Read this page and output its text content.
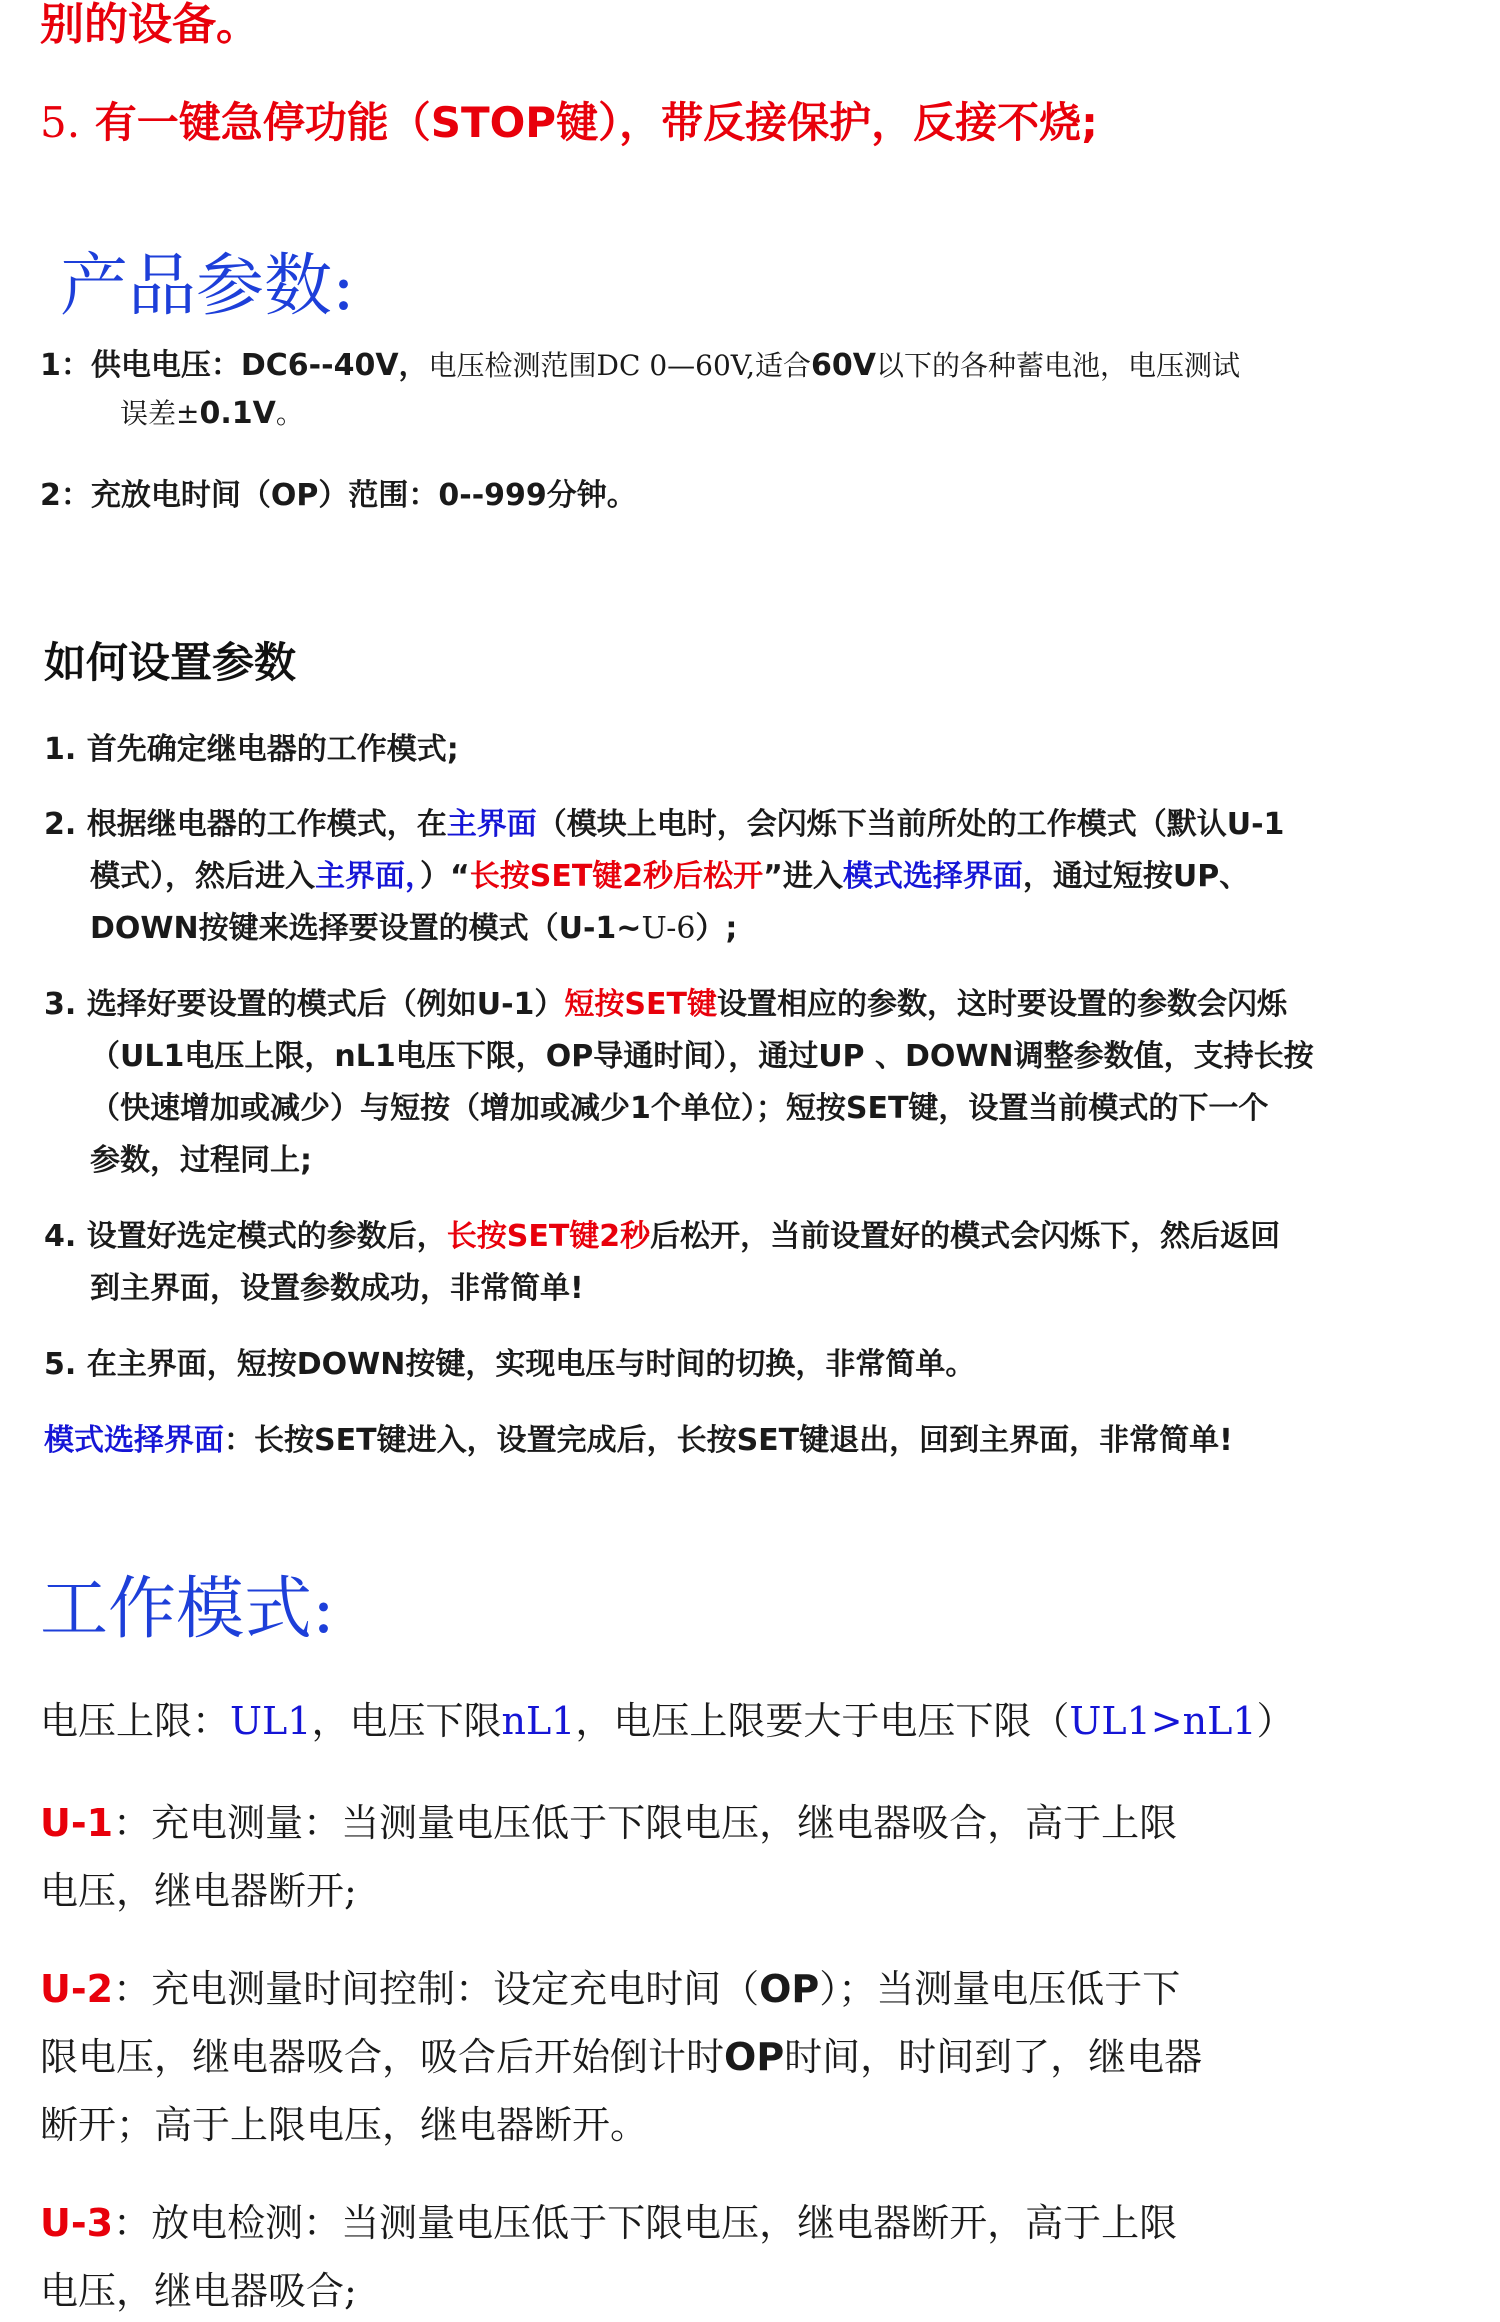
别的设备。
5. 有一键急停功能（STOP键），带反接保护，反接不烧;
产品参数:
1：供电电压：DC6--40V，电压检测范围DC 0—60V,适合60V以下的各种蓄电池，电压测试
误差±0.1V。
2：充放电时间（OP）范围：0--999分钟。
如何设置参数
1. 首先确定继电器的工作模式;
2. 根据继电器的工作模式，在主界面（模块上电时，会闪烁下当前所处的工作模式（默认U-1
模式），然后进入主界面，）“长按SET键2秒后松开”进入模式选择界面，通过短按UP、
DOWN按键来选择要设置的模式（U-1~U-6）;
3. 选择好要设置的模式后（例如U-1）短按SET键设置相应的参数，这时要设置的参数会闪烁
（UL1电压上限，nL1电压下限，OP导通时间），通过UP 、DOWN调整参数值，支持长按
（快速增加或减少）与短按（增加或减少1个单位）；短按SET键，设置当前模式的下一个
参数，过程同上;
4. 设置好选定模式的参数后，长按SET键2秒后松开，当前设置好的模式会闪烁下，然后返回
到主界面，设置参数成功，非常简单!
5. 在主界面，短按DOWN按键，实现电压与时间的切换，非常简单。
模式选择界面：长按SET键进入，设置完成后，长按SET键退出，回到主界面，非常简单!
工作模式:
电压上限：UL1，电压下限nL1，电压上限要大于电压下限（UL1>nL1）
U-1：充电测量：当测量电压低于下限电压，继电器吸合，高于上限
电压，继电器断开;
U-2：充电测量时间控制：设定充电时间（OP）；当测量电压低于下
限电压，继电器吸合，吸合后开始倒计时OP时间，时间到了，继电器
断开；高于上限电压，继电器断开。
U-3：放电检测：当测量电压低于下限电压，继电器断开，高于上限
电压，继电器吸合;
